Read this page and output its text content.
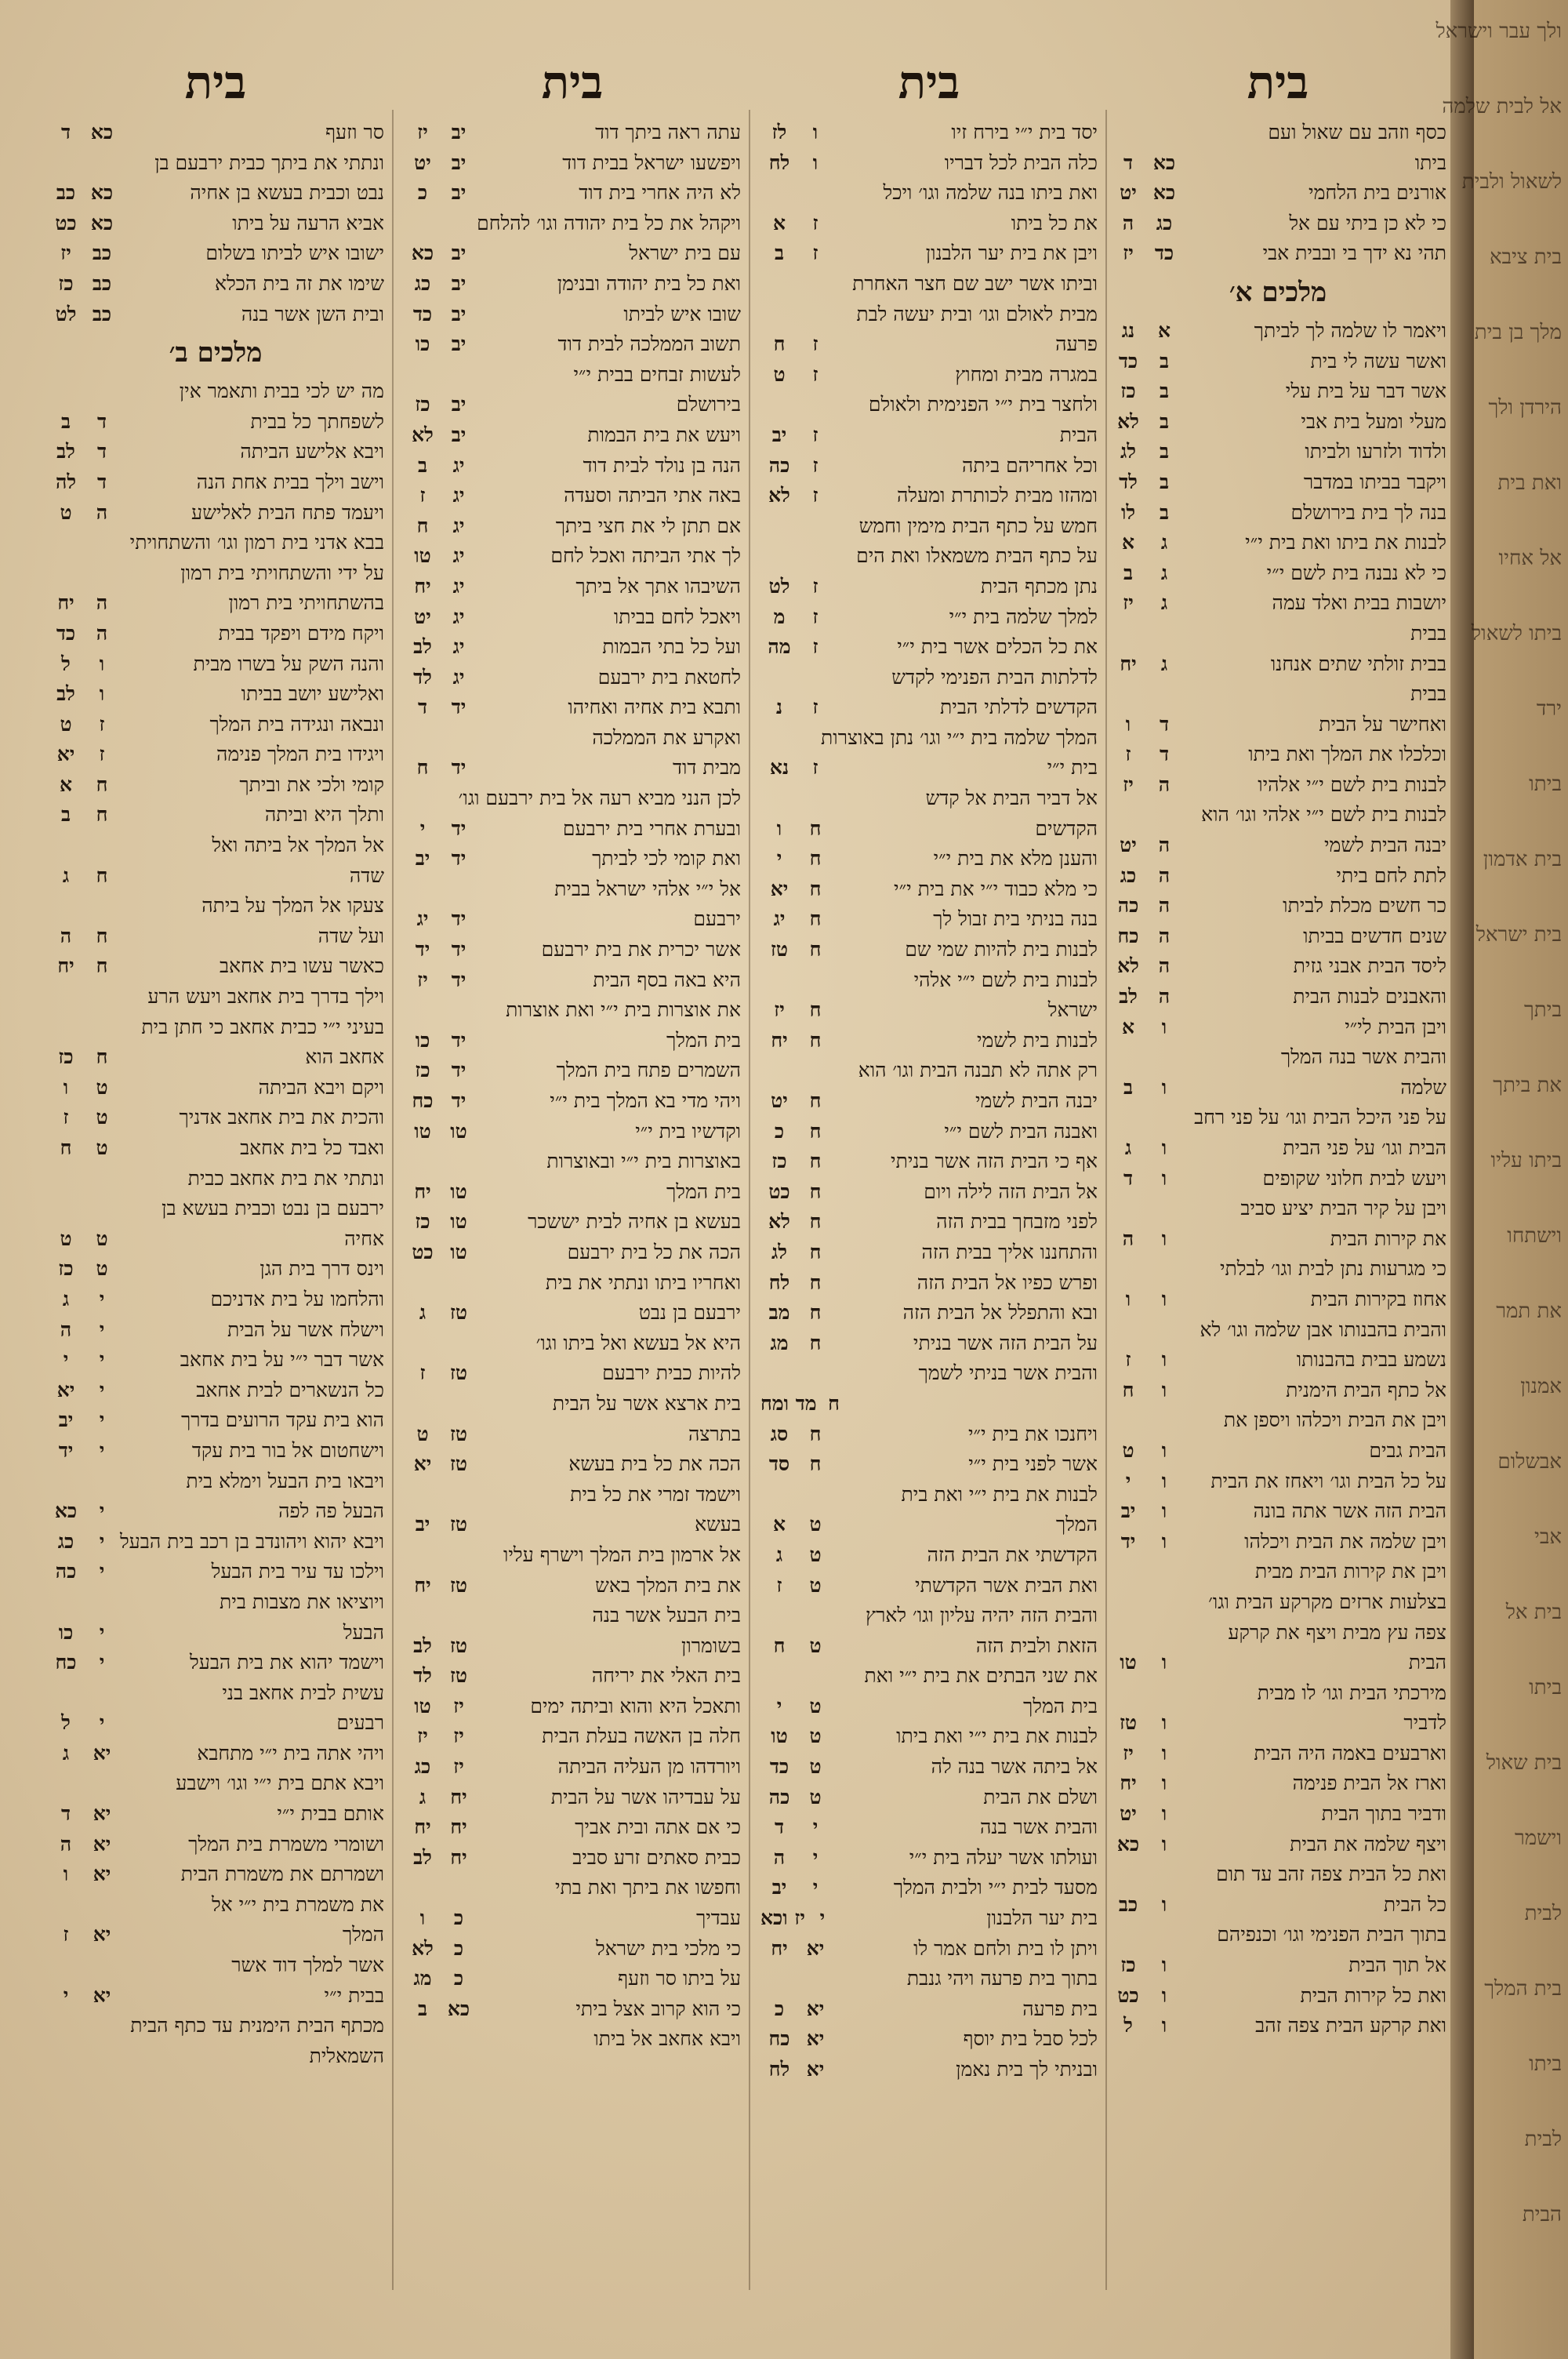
בית
סר וזעף
כא
ד
ונתתי את ביתך כבית ירבעם בן
נבט וכבית בעשא בן אחיה
כא
כב
אביא הרעה על ביתו
כא
כט
ישובו איש לביתו בשלום
כב
יז
שימו את זה בית הכלא
כב
כז
ובית השן אשר בנה
כב
לט
מלכים ב׳
מה יש לכי בבית ותאמר אין
לשפחתך כל בבית
ד
ב
ויבא אלישע הביתה
ד
לב
וישב וילך בבית אחת הנה
ד
לה
ויעמד פתח הבית לאלישע
ה
ט
בבא אדני בית רמון וגו׳ והשתחויתי
על ידי והשתחויתי בית רמון
בהשתחויתי בית רמון
ה
יח
ויקח מידם ויפקד בבית
ה
כד
והנה השק על בשרו מבית
ו
ל
ואלישע יושב בביתו
ו
לב
ונבאה ונגידה בית המלך
ז
ט
ויגידו בית המלך פנימה
ז
יא
קומי ולכי את וביתך
ח
א
ותלך היא וביתה
ח
ב
אל המלך אל ביתה ואל
שדה
ח
ג
צעקו אל המלך על ביתה
ועל שדה
ח
ה
כאשר עשו בית אחאב
ח
יח
וילך בדרך בית אחאב ויעש הרע
בעיני י״י כבית אחאב כי חתן בית
אחאב הוא
ח
כז
ויקם ויבא הביתה
ט
ו
והכית את בית אחאב אדניך
ט
ז
ואבד כל בית אחאב
ט
ח
ונתתי את בית אחאב כבית
ירבעם בן נבט וכבית בעשא בן
אחיה
ט
ט
וינס דרך בית הגן
ט
כז
והלחמו על בית אדניכם
י
ג
וישלח אשר על הבית
י
ה
אשר דבר י״י על בית אחאב
י
י
כל הנשארים לבית אחאב
י
יא
הוא בית עקד הרועים בדרך
י
יב
וישחטום אל בור בית עקד
י
יד
ויבאו בית הבעל וימלא בית
הבעל פה לפה
י
כא
ויבא יהוא ויהונדב בן רכב בית הבעל
י
כג
וילכו עד עיר בית הבעל
י
כה
ויוציאו את מצבות בית
הבעל
י
כו
וישמד יהוא את בית הבעל
י
כח
עשית לבית אחאב בני
רבעים
י
ל
ויהי אתה בית י״י מתחבא
יא
ג
ויבא אתם בית י״י וגו׳ וישבע
אותם בבית י״י
יא
ד
ושומרי משמרת בית המלך
יא
ה
ושמרתם את משמרת הבית
יא
ו
את משמרת בית י״י אל
המלך
יא
ז
אשר למלך דוד אשר
בבית י״י
יא
י
מכתף הבית הימנית עד כתף הבית
השמאלית
בית
עתה ראה ביתך דוד
יב
יז
ויפשעו ישראל בבית דוד
יב
יט
לא היה אחרי בית דוד
יב
כ
ויקהל את כל בית יהודה וגו׳ להלחם
עם בית ישראל
יב
כא
ואת כל בית יהודה ובנימן
יב
כג
שובו איש לביתו
יב
כד
תשוב הממלכה לבית דוד
יב
כו
לעשות זבחים בבית י״י
בירושלם
יב
כז
ויעש את בית הבמות
יב
לא
הנה בן נולד לבית דוד
יג
ב
באה אתי הביתה וסעדה
יג
ז
אם תתן לי את חצי ביתך
יג
ח
לך אתי הביתה ואכל לחם
יג
טו
השיבהו אתך אל ביתך
יג
יח
ויאכל לחם בביתו
יג
יט
ועל כל בתי הבמות
יג
לב
לחטאת בית ירבעם
יג
לד
ותבא בית אחיה ואחיהו
יד
ד
ואקרע את הממלכה
מבית דוד
יד
ח
לכן הנני מביא רעה אל בית ירבעם וגו׳
ובערת אחרי בית ירבעם
יד
י
ואת קומי לכי לביתך
יד
יב
אל י״י אלהי ישראל בבית
ירבעם
יד
יג
אשר יכרית את בית ירבעם
יד
יד
היא באה בסף הבית
יד
יז
את אוצרות בית י״י ואת אוצרות
בית המלך
יד
כו
השמרים פתח בית המלך
יד
כז
ויהי מדי בא המלך בית י״י
יד
כח
וקדשיו בית י״י
טו
טו
באוצרות בית י״י ובאוצרות
בית המלך
טו
יח
בעשא בן אחיה לבית יששכר
טו
כז
הכה את כל בית ירבעם
טו
כט
ואחריו ביתו ונתתי את בית
ירבעם בן נבט
טז
ג
היא אל בעשא ואל ביתו וגו׳
להיות כבית ירבעם
טז
ז
בית ארצא אשר על הבית
בתרצה
טז
ט
הכה את כל בית בעשא
טז
יא
וישמד זמרי את כל בית
בעשא
טז
יב
אל ארמון בית המלך וישרף עליו
את בית המלך באש
טז
יח
בית הבעל אשר בנה
בשומרון
טז
לב
בית האלי את יריחה
טז
לד
ותאכל היא והוא וביתה ימים
יז
טו
חלה בן האשה בעלת הבית
יז
יז
ויורדהו מן העליה הביתה
יז
כג
על עבדיהו אשר על הבית
יח
ג
כי אם אתה ובית אביך
יח
יח
כבית סאתים זרע סביב
יח
לב
וחפשו את ביתך ואת בתי
עבדיך
כ
ו
כי מלכי בית ישראל
כ
לא
על ביתו סר וזעף
כ
מג
כי הוא קרוב אצל ביתי
כא
ב
ויבא אחאב אל ביתו
בית
יסד בית י״י בירח זיו
ו
לז
כלה הבית לכל דבריו
ו
לח
ואת ביתו בנה שלמה וגו׳ ויכל
את כל ביתו
ז
א
ויבן את בית יער הלבנון
ז
ב
וביתו אשר ישב שם חצר האחרת
מבית לאולם וגו׳ ובית יעשה לבת
פרעה
ז
ח
במגרה מבית ומחוץ
ז
ט
ולחצר בית י״י הפנימית ולאולם
הבית
ז
יב
וכל אחריהם ביתה
ז
כה
ומהזו מבית לכותרת ומעלה
ז
לא
חמש על כתף הבית מימין וחמש
על כתף הבית משמאלו ואת הים
נתן מכתף הבית
ז
לט
למלך שלמה בית י״י
ז
מ
את כל הכלים אשר בית י״י
ז
מה
לדלתות הבית הפנימי לקדש
הקדשים לדלתי הבית
ז
נ
המלך שלמה בית י״י וגו׳ נתן באוצרות
בית י״י
ז
נא
אל דביר הבית אל קדש
הקדשים
ח
ו
והענן מלא את בית י״י
ח
י
כי מלא כבוד י״י את בית י״י
ח
יא
בנה בניתי בית זבול לך
ח
יג
לבנות בית להיות שמי שם
ח
טז
לבנות בית לשם י״י אלהי
ישראל
ח
יז
לבנות בית לשמי
ח
יח
רק אתה לא תבנה הבית וגו׳ הוא
יבנה הבית לשמי
ח
יט
ואבנה הבית לשם י״י
ח
כ
אף כי הבית הזה אשר בניתי
ח
כז
אל הבית הזה לילה ויום
ח
כט
לפני מזבחך בבית הזה
ח
לא
והתחננו אליך בבית הזה
ח
לג
ופרש כפיו אל הבית הזה
ח
לח
ובא והתפלל אל הבית הזה
ח
מב
על הבית הזה אשר בניתי
ח
מג
והבית אשר בניתי לשמך
ח
מד ומח
ויחנכו את בית י״י
ח
סג
אשר לפני בית י״י
ח
סד
לבנות את בית י״י ואת בית
המלך
ט
א
הקדשתי את הבית הזה
ט
ג
ואת הבית אשר הקדשתי
ט
ז
והבית הזה יהיה עליון וגו׳ לארץ
הזאת ולבית הזה
ט
ח
את שני הבתים את בית י״י ואת
בית המלך
ט
י
לבנות את בית י״י ואת ביתו
ט
טו
אל ביתה אשר בנה לה
ט
כד
ושלם את הבית
ט
כה
והבית אשר בנה
י
ד
ועולתו אשר יעלה בית י״י
י
ה
מסעד לבית י״י ולבית המלך
י
יב
בית יער הלבנון
י
יז וכא
ויתן לו בית ולחם אמר לו
יא
יח
בתוך בית פרעה ויהי גנבת
בית פרעה
יא
כ
לכל סבל בית יוסף
יא
כח
ובניתי לך בית נאמן
יא
לח
בית
כסף וזהב עם שאול ועם
ביתו
כא
ד
אורנים בית הלחמי
כא
יט
כי לא כן ביתי עם אל
כג
ה
תהי נא ידך בי ובבית אבי
כד
יז
מלכים א׳
ויאמר לו שלמה לך לביתך
א
נג
ואשר עשה לי בית
ב
כד
אשר דבר על בית עלי
ב
כז
מעלי ומעל בית אבי
ב
לא
ולדוד ולזרעו ולביתו
ב
לג
ויקבר בביתו במדבר
ב
לד
בנה לך בית בירושלם
ב
לו
לבנות את ביתו ואת בית י״י
ג
א
כי לא נבנה בית לשם י״י
ג
ב
יושבות בבית ואלד עמה
ג
יז
בבית
בבית זולתי שתים אנחנו
ג
יח
בבית
ואחישר על הבית
ד
ו
וכלכלו את המלך ואת ביתו
ד
ז
לבנות בית לשם י״י אלהיו
ה
יז
לבנות בית לשם י״י אלהי וגו׳ הוא
יבנה הבית לשמי
ה
יט
לתת לחם ביתי
ה
כג
כר חשים מכלת לביתו
ה
כה
שנים חדשים בביתו
ה
כח
ליסד הבית אבני גזית
ה
לא
והאבנים לבנות הבית
ה
לב
ויבן הבית לי״י
ו
א
והבית אשר בנה המלך
שלמה
ו
ב
על פני היכל הבית וגו׳ על פני רחב
הבית וגו׳ על פני הבית
ו
ג
ויעש לבית חלוני שקופים
ו
ד
ויבן על קיר הבית יציע סביב
את קירות הבית
ו
ה
כי מגרעות נתן לבית וגו׳ לבלתי
אחוז בקירות הבית
ו
ו
והבית בהבנותו אבן שלמה וגו׳ לא
נשמע בבית בהבנותו
ו
ז
אל כתף הבית הימנית
ו
ח
ויבן את הבית ויכלהו ויספן את
הבית גבים
ו
ט
על כל הבית וגו׳ ויאחז את הבית
ו
י
הבית הזה אשר אתה בונה
ו
יב
ויבן שלמה את הבית ויכלהו
ו
יד
ויבן את קירות הבית מבית
בצלעות ארזים מקרקע הבית וגו׳
צפה עץ מבית ויצף את קרקע
הבית
ו
טו
מירכתי הבית וגו׳ לו מבית
לדביר
ו
טז
וארבעים באמה היה הבית
ו
יז
וארז אל הבית פנימה
ו
יח
ודביר בתוך הבית
ו
יט
ויצף שלמה את הבית
ו
כא
ואת כל הבית צפה זהב עד תום
כל הבית
ו
כב
בתוך הבית הפנימי וגו׳ וכנפיהם
אל תוך הבית
ו
כז
ואת כל קירות הבית
ו
כט
ואת קרקע הבית צפה זהב
ו
ל
ולך עבר וישראל
אל לבית שלמה
לשאול ולבית
בית ציבא
מלך בן בית
הירדן ולך
ואת בית
אל אחיו
ביתו לשאול
ירד
ביתו
בית אדמון
בית ישראל
ביתך
את ביתך
ביתו עליו
וישתחו
את תמר
אמנון
אבשלום
אבי
בית אל
ביתו
בית שאול
וישמר
לבית
בית המלך
ביתו
לבית
הבית
